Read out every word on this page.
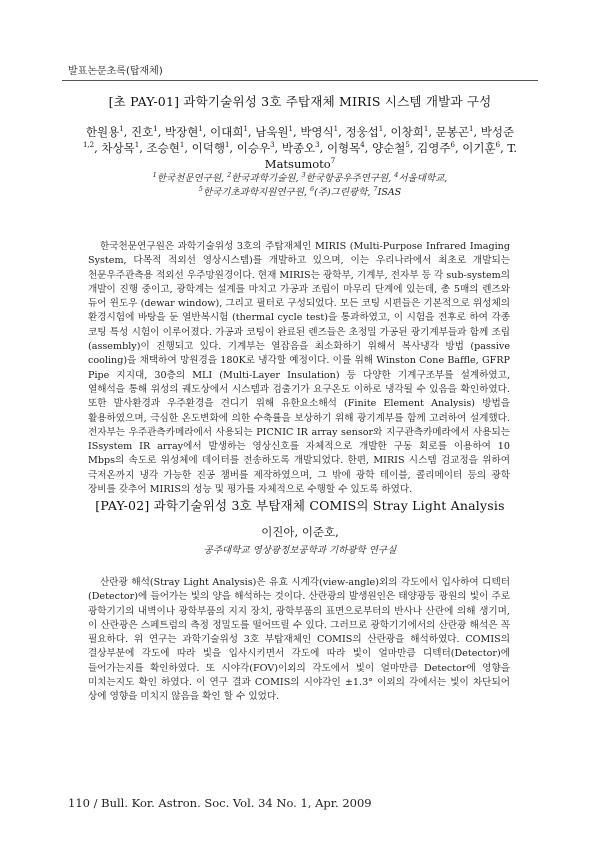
발표논문초록(탑재체)
[초 PAY-01] 과학기술위성 3호 주탑재체 MIRIS 시스템 개발과 구성
한원용$^1$, 진호$^1$, 박장현$^1$, 이대희$^1$, 남욱원$^1$, 박영식$^1$, 정웅섭$^1$, 이창희$^1$, 문봉곤$^1$, 박성준$^{1,2}$, 차상목$^1$, 조승현$^1$, 이덕행$^1$, 이승우$^3$, 박종오$^3$, 이형목$^4$, 양순철$^5$, 김영주$^6$, 이기훈$^6$, T. Matsumoto$^7$
$^1$한국천문연구원, $^2$한국과학기술원, $^3$한국항공우주연구원, $^4$서울대학교,
$^5$한국기초과학지원연구원, $^6$(주)그린광학, $^7$ISAS
한국천문연구원은 과학기술위성 3호의 주탑재체인 MIRIS (Multi-Purpose Infrared Imaging System, 다목적 적외선 영상시스템)를 개발하고 있으며, 이는 우리나라에서 최초로 개발되는 천문우주관측용 적외선 우주망원경이다. 현재 MIRIS는 광학부, 기계부, 전자부 등 각 sub-system의 개발이 진행 중이고, 광학계는 설계를 마치고 가공과 조립이 마무리 단계에 있는데, 총 5매의 렌즈와 듀어 윈도우 (dewar window), 그리고 필터로 구성되었다. 모든 코팅 시편들은 기본적으로 위성체의 환경시험에 바탕을 둔 열반복시험 (thermal cycle test)을 통과하였고, 이 시험을 전후로 하여 각종 코팅 특성 시험이 이루어졌다. 가공과 코팅이 완료된 렌즈들은 초정밀 가공된 광기계부들과 함께 조립 (assembly)이 진행되고 있다. 기계부는 열잡음을 최소화하기 위해서 복사냉각 방법 (passive cooling)을 채택하여 망원경을 180K로 냉각할 예정이다. 이를 위해 Winston Cone Baffle, GFRP Pipe 지지대, 30층의 MLI (Multi-Layer Insulation) 등 다양한 기계구조부를 설계하였고, 열해석을 통해 위성의 궤도상에서 시스템과 검출기가 요구온도 이하로 냉각될 수 있음을 확인하였다. 또한 발사환경과 우주환경을 견디기 위해 유한요소해석 (Finite Element Analysis) 방법을 활용하였으며, 극심한 온도변화에 의한 수축률을 보상하기 위해 광기계부를 함께 고려하여 설계했다. 전자부는 우주관측카메라에서 사용되는 PICNIC IR array sensor와 지구관측카메라에서 사용되는 ISsystem IR array에서 발생하는 영상신호를 자체적으로 개발한 구동 회로를 이용하여 10 Mbps의 속도로 위성체에 데이터를 전송하도록 개발되었다. 한편, MIRIS 시스템 검교정을 위하여 극저온까지 냉각 가능한 진공 챔버를 제작하였으며, 그 밖에 광학 테이블, 콜리메이터 등의 광학 장비를 갖추어 MIRIS의 성능 및 평가를 자체적으로 수행할 수 있도록 하였다.
[PAY-02] 과학기술위성 3호 부탑재체 COMIS의 Stray Light Analysis
이진아, 이준호,
공주대학교 영상광정보공학과 기하광학 연구실
산란광 해석(Stray Light Analysis)은 유효 시계각(view-angle)외의 각도에서 입사하여 디텍터(Detector)에 들어가는 빛의 양을 해석하는 것이다. 산란광의 발생원인은 태양광등 광원의 빛이 주로 광학기기의 내벽이나 광학부품의 지지 장치, 광학부품의 표면으로부터의 반사나 산란에 의해 생기며, 이 산란광은 스페트럼의 측정 정밀도를 떨어뜨릴 수 있다. 그러므로 광학기기에서의 산란광 해석은 꼭 필요하다. 위 연구는 과학기술위성 3호 부탑재체인 COMIS의 산란광을 해석하였다. COMIS의 결상부분에 각도에 따라 빛을 입사시키면서 각도에 따라 빛이 얼마만큼 디텍터(Detector)에 들어가는지를 확인하였다. 또 시야각(FOV)이외의 각도에서 빛이 얼마만큼 Detector에 영향을 미치는지도 확인 하였다. 이 연구 결과 COMIS의 시야각인 ±1.3° 이외의 각에서는 빛이 차단되어 상에 영향을 미치지 않음을 확인 할 수 있었다.
110 / Bull. Kor. Astron. Soc. Vol. 34 No. 1, Apr. 2009
